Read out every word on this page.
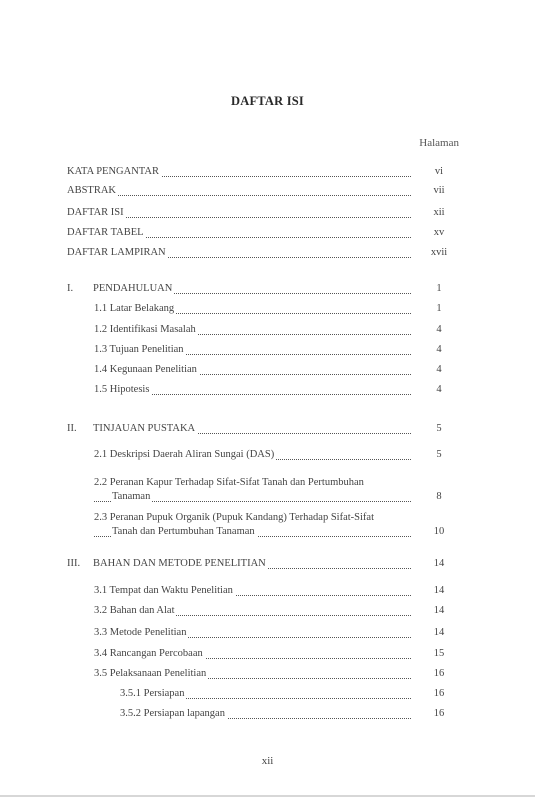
DAFTAR ISI
Halaman
KATA PENGANTAR	vi
ABSTRAK	vii
DAFTAR ISI	xii
DAFTAR TABEL	xv
DAFTAR LAMPIRAN	xvii
I.	PENDAHULUAN	1
1.1 Latar Belakang	1
1.2 Identifikasi Masalah	4
1.3 Tujuan Penelitian	4
1.4 Kegunaan Penelitian	4
1.5 Hipotesis	4
II.	TINJAUAN PUSTAKA	5
2.1 Deskripsi Daerah Aliran Sungai (DAS)	5
2.2 Peranan Kapur Terhadap Sifat-Sifat Tanah dan Pertumbuhan
Tanaman	8
2.3 Peranan Pupuk Organik (Pupuk Kandang) Terhadap Sifat-Sifat
Tanah dan Pertumbuhan Tanaman	10
III.	BAHAN DAN METODE PENELITIAN	14
3.1 Tempat dan Waktu Penelitian	14
3.2 Bahan dan Alat	14
3.3 Metode Penelitian	14
3.4 Rancangan Percobaan	15
3.5 Pelaksanaan Penelitian	16
3.5.1 Persiapan	16
3.5.2 Persiapan lapangan	16
xii
